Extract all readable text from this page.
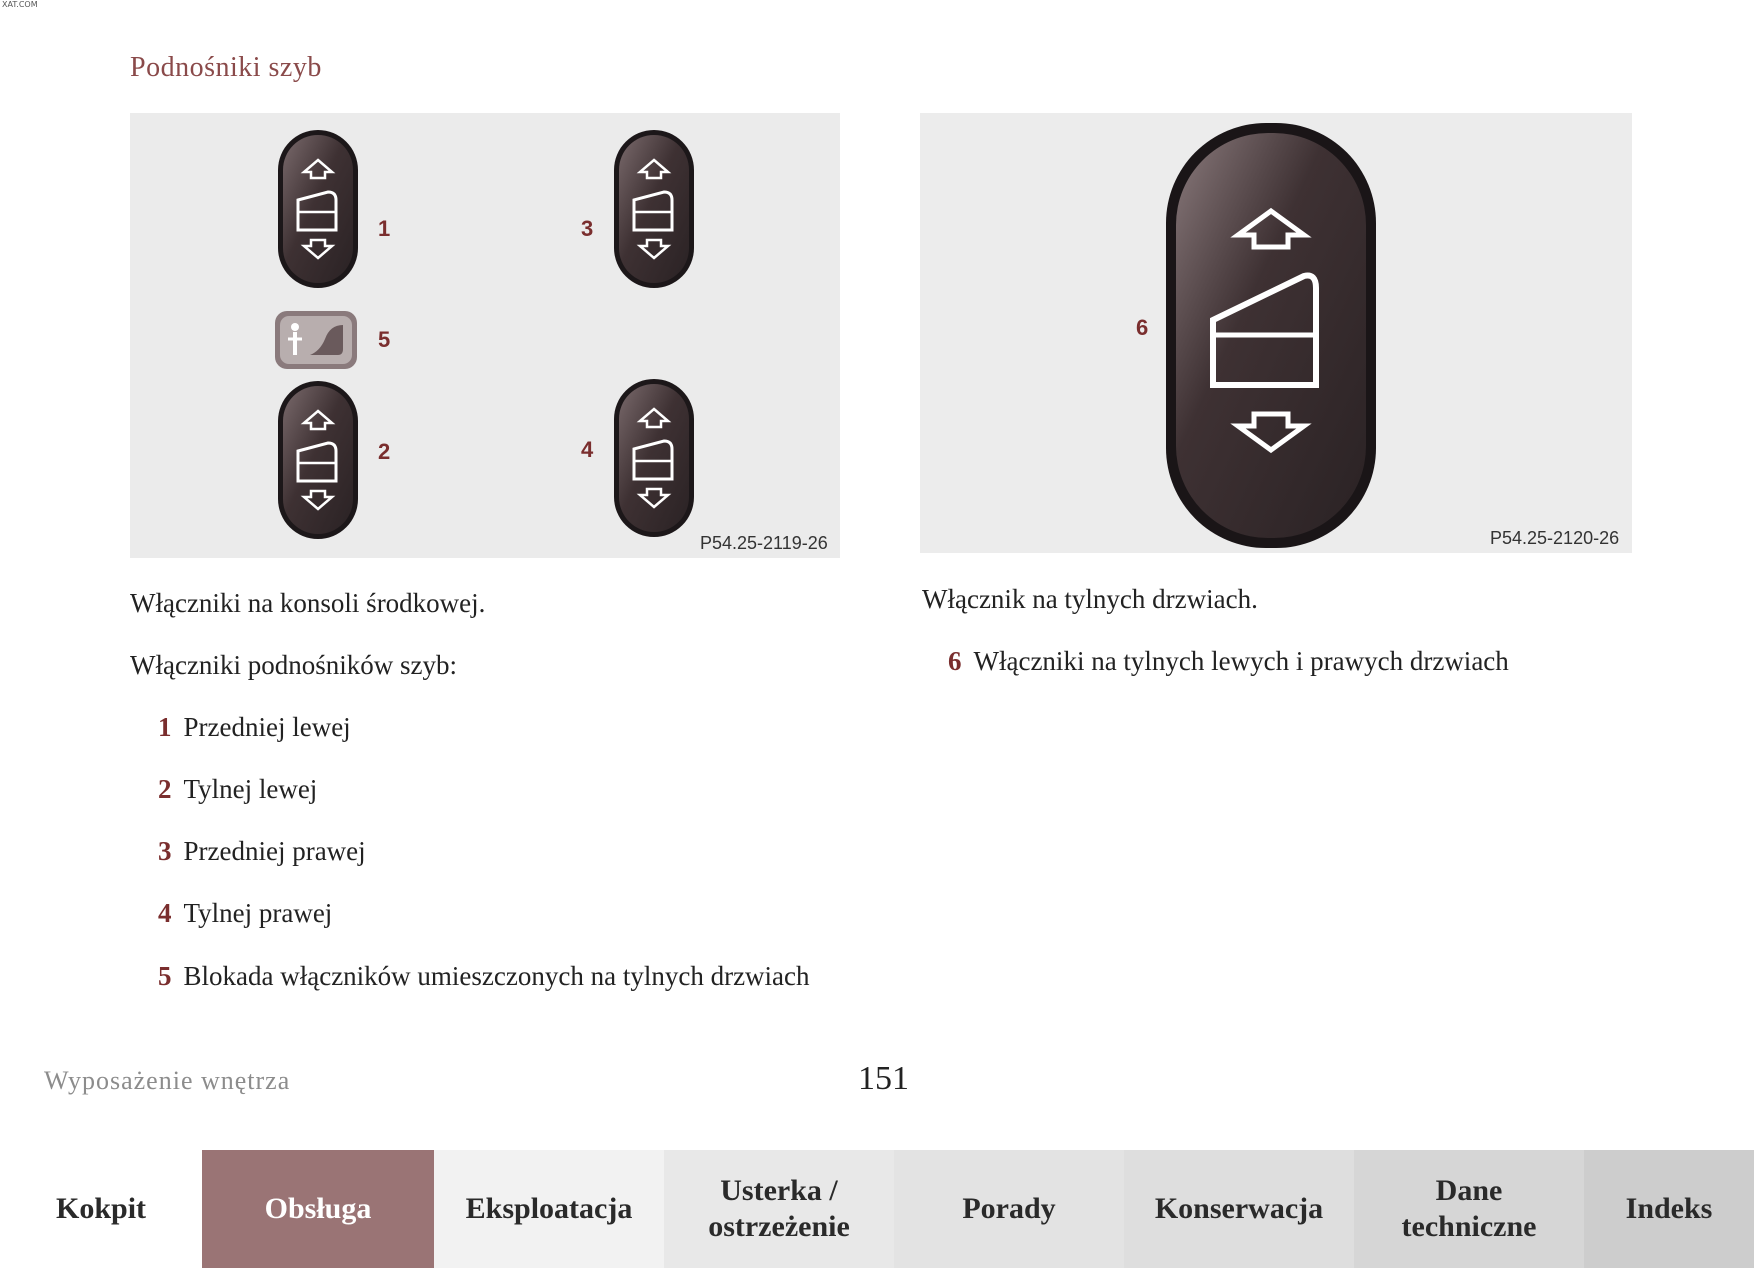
XAT.COM
Podnośniki szyb
1	3
5
2	4
P54.25-2119-26
6
P54.25-2120-26
Włączniki na konsoli środkowej.
Włączniki podnośników szyb:
1 Przedniej lewej
2 Tylnej lewej
3 Przedniej prawej
4 Tylnej prawej
5 Blokada włączników umieszczonych na tylnych drzwiach
Włącznik na tylnych drzwiach.
6 Włączniki na tylnych lewych i prawych drzwiach
Wyposażenie wnętrza	151
Kokpit	Obsługa	Eksploatacja
Usterka / ostrzeżenie
Porady	Konserwacja
Dane techniczne
Indeks
